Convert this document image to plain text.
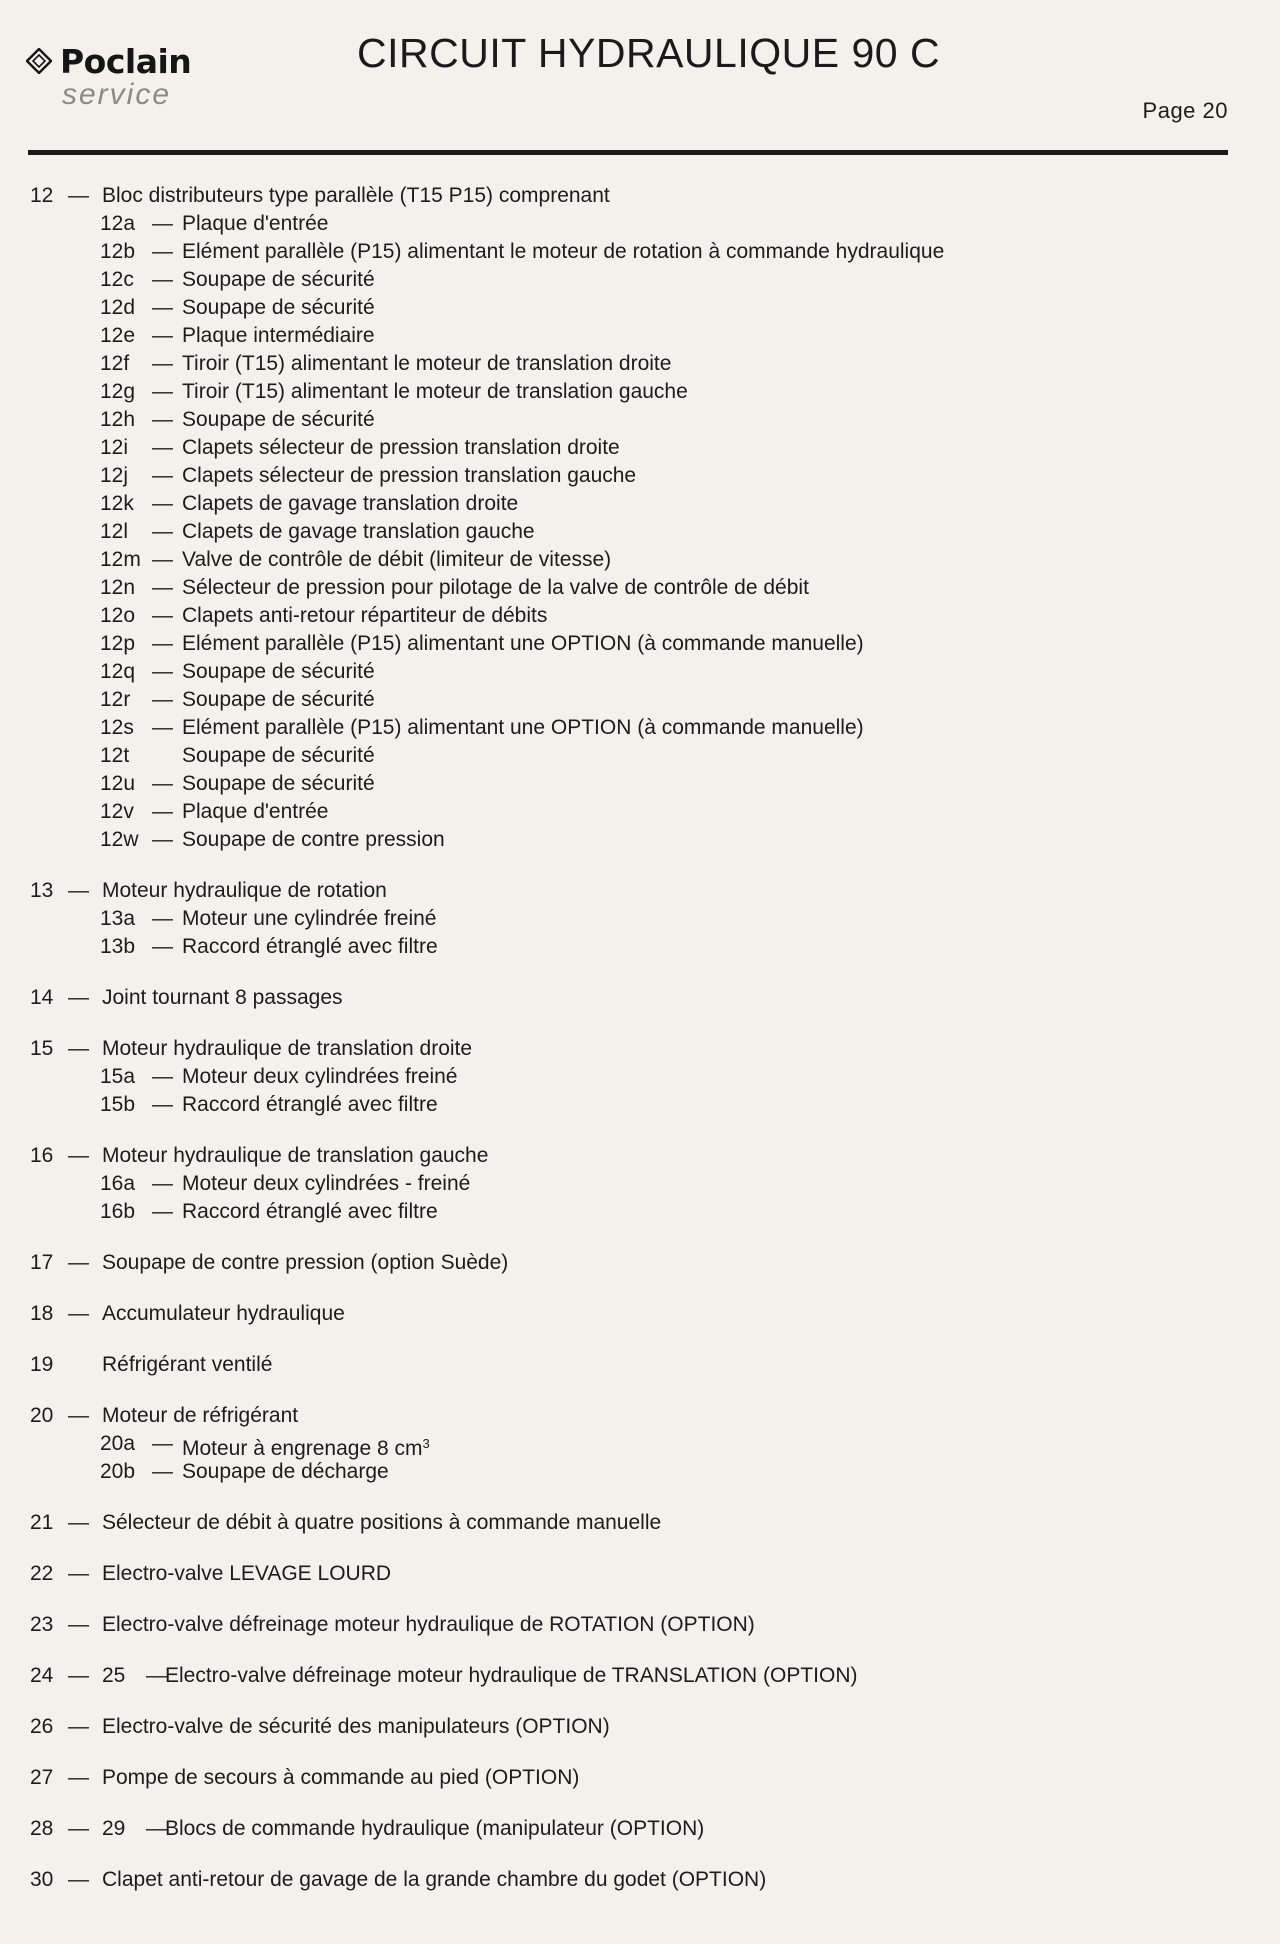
Poclain
service
CIRCUIT HYDRAULIQUE 90 C
Page 20
12 — Bloc distributeurs type parallèle (T15 P15) comprenant
12a — Plaque d'entrée
12b — Elément parallèle (P15) alimentant le moteur de rotation à commande hydraulique
12c — Soupape de sécurité
12d — Soupape de sécurité
12e — Plaque intermédiaire
12f — Tiroir (T15) alimentant le moteur de translation droite
12g — Tiroir (T15) alimentant le moteur de translation gauche
12h — Soupape de sécurité
12i — Clapets sélecteur de pression translation droite
12j — Clapets sélecteur de pression translation gauche
12k — Clapets de gavage translation droite
12l — Clapets de gavage translation gauche
12m — Valve de contrôle de débit (limiteur de vitesse)
12n — Sélecteur de pression pour pilotage de la valve de contrôle de débit
12o — Clapets anti-retour répartiteur de débits
12p — Elément parallèle (P15) alimentant une OPTION (à commande manuelle)
12q — Soupape de sécurité
12r — Soupape de sécurité
12s — Elément parallèle (P15) alimentant une OPTION (à commande manuelle)
12t	Soupape de sécurité
12u — Soupape de sécurité
12v — Plaque d'entrée
12w — Soupape de contre pression
13 — Moteur hydraulique de rotation
13a — Moteur une cylindrée freiné
13b — Raccord étranglé avec filtre
14 — Joint tournant 8 passages
15 — Moteur hydraulique de translation droite
15a — Moteur deux cylindrées freiné
15b — Raccord étranglé avec filtre
16 — Moteur hydraulique de translation gauche
16a — Moteur deux cylindrées - freiné
16b — Raccord étranglé avec filtre
17 — Soupape de contre pression (option Suède)
18 — Accumulateur hydraulique
19 Réfrigérant ventilé
20 — Moteur de réfrigérant
20a — Moteur à engrenage 8 $cm^3$
20b — Soupape de décharge
21 — Sélecteur de débit à quatre positions à commande manuelle
22 — Electro-valve LEVAGE LOURD
23 — Electro-valve défreinage moteur hydraulique de ROTATION (OPTION)
24 — 25 —
Electro-valve défreinage moteur hydraulique de TRANSLATION (OPTION)
26 — Electro-valve de sécurité des manipulateurs (OPTION)
27 — Pompe de secours à commande au pied (OPTION)
28 — 29 —
Blocs de commande hydraulique (manipulateur (OPTION)
30 — Clapet anti-retour de gavage de la grande chambre du godet (OPTION)
